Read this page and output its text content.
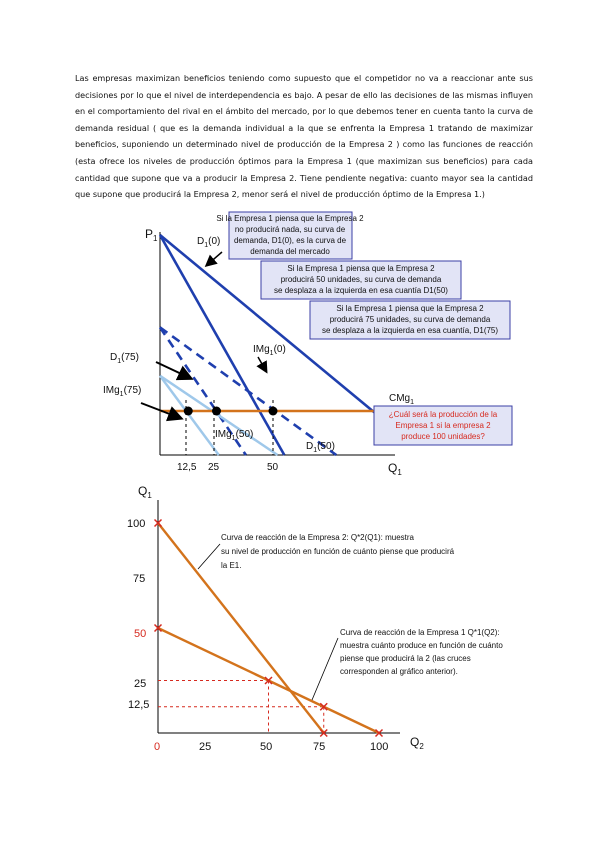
Las empresas maximizan beneficios teniendo como supuesto que el competidor no va a reaccionar ante sus decisiones por lo que el nivel de interdependencia es bajo. A pesar de ello las decisiones de las mismas influyen en el comportamiento del rival en el ámbito del mercado, por lo que debemos tener en cuenta tanto la curva de demanda residual ( que es la demanda individual a la que se enfrenta la Empresa 1 tratando de maximizar beneficios, suponiendo un determinado nivel de producción de la Empresa 2 ) como las funciones de reacción (esta ofrece los niveles de producción óptimos para la Empresa 1 (que maximizan sus beneficios) para cada cantidad que supone que va a producir la Empresa 2. Tiene pendiente negativa: cuanto mayor sea la cantidad que supone que producirá la Empresa 2, menor será el nivel de producción óptimo de la Empresa 1.)
$P_1$
$Q_1$
12,5 25	50
$D_1(0)$
IMg$_1$(0)
$D_1(75)$
IMg$_1$(75)
IMg$_1$(50)
$D_1(50)$
CMg$_1$
Si la Empresa 1 piensa que la Empresa 2
no producirá nada, su curva de
demanda, D1(0), es la curva de
demanda del mercado
Si la Empresa 1 piensa que la Empresa 2
producirá 50 unidades, su curva de demanda
se desplaza a la izquierda en esa cuantía D1(50)
Si la Empresa 1 piensa que la Empresa 2
producirá 75 unidades, su curva de demanda
se desplaza a la izquierda en esa cuantía, D1(75)
¿Cuál será la producción de la
Empresa 1 si la empresa 2
produce 100 unidades?
$Q_1$
$Q_2$
100
75
50
25
12,5
0	25	50	75	100
Curva de reacción de la Empresa 2: Q*2(Q1): muestra
su nivel de producción en función de cuánto piense que producirá
la E1.
Curva de reacción de la Empresa 1 Q*1(Q2):
muestra cuánto produce en función de cuánto
piense que producirá la 2 (las cruces
corresponden al gráfico anterior).
